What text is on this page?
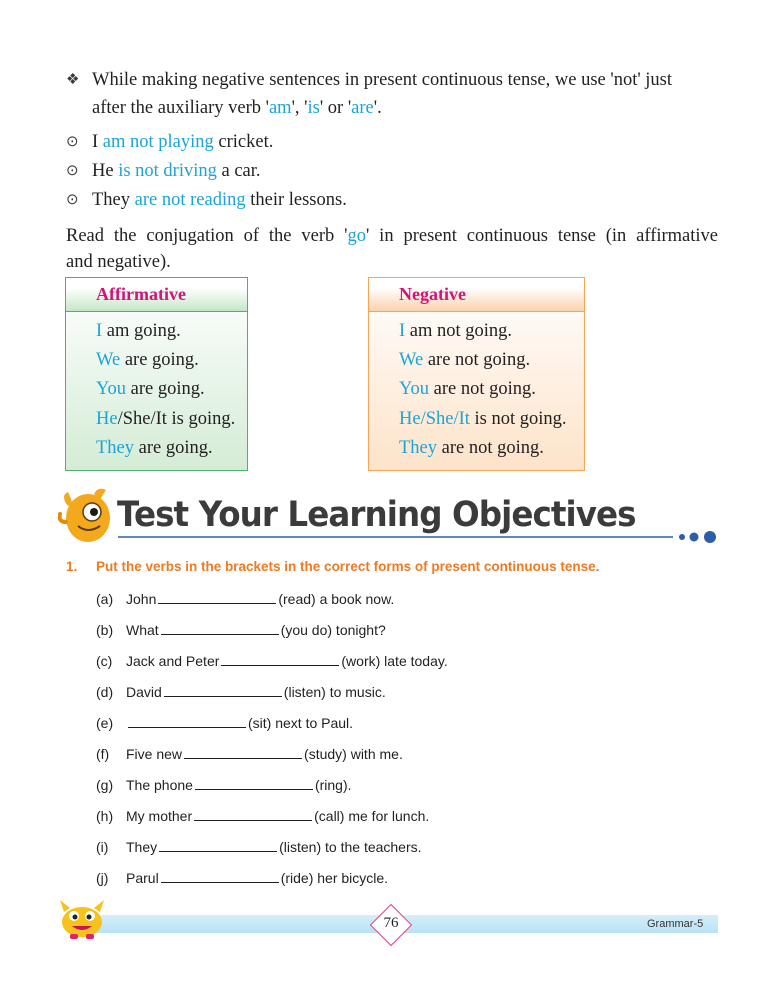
❖ While making negative sentences in present continuous tense, we use 'not' just
after the auxiliary verb 'am', 'is' or 'are'.
⊙ I am not playing cricket.
⊙ He is not driving a car.
⊙ They are not reading their lessons.
Read the conjugation of the verb 'go' in present continuous tense (in affirmative
and negative).
Affirmative
I am going.
We are going.
You are going.
He/She/It is going.
They are going.
Negative
I am not going.
We are not going.
You are not going.
He/She/It is not going.
They are not going.
Test Your Learning Objectives
1. Put the verbs in the brackets in the correct forms of present continuous tense.
(a) John	(read) a book now.
(b) What	(you do) tonight?
(c) Jack and Peter	(work) late today.
(d) David	(listen) to music.
(e)	(sit) next to Paul.
(f) Five new	(study) with me.
(g) The phone	(ring).
(h) My mother	(call) me for lunch.
(i) They	(listen) to the teachers.
(j) Parul	(ride) her bicycle.
76	Grammar-5
